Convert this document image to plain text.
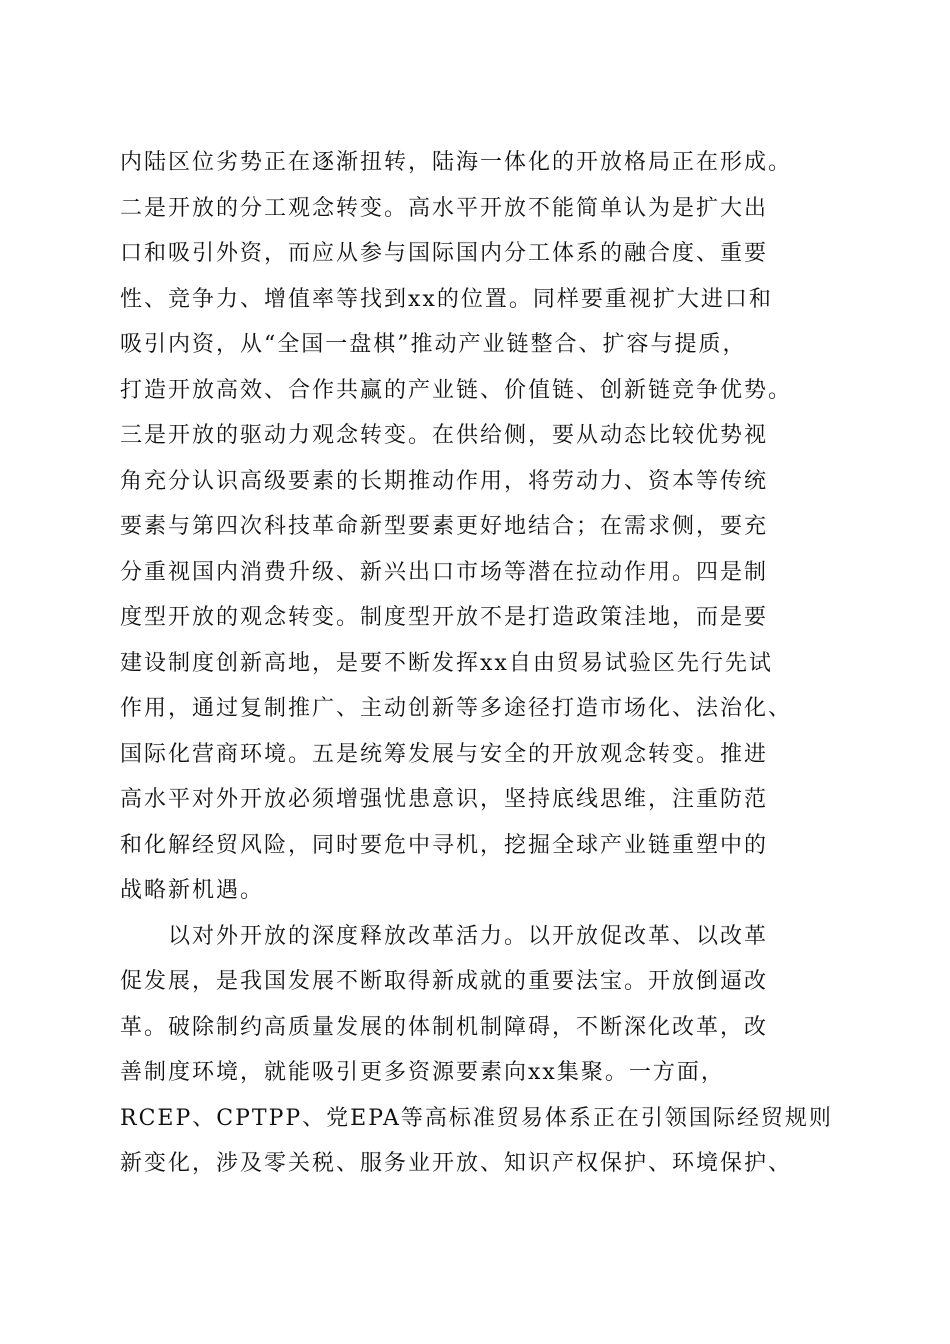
内陆区位劣势正在逐渐扭转，陆海一体化的开放格局正在形成。
二是开放的分工观念转变。高水平开放不能简单认为是扩大出
口和吸引外资，而应从参与国际国内分工体系的融合度、重要
性、竞争力、增值率等找到xx的位置。同样要重视扩大进口和
吸引内资，从“全国一盘棋”推动产业链整合、扩容与提质，
打造开放高效、合作共赢的产业链、价值链、创新链竞争优势。
三是开放的驱动力观念转变。在供给侧，要从动态比较优势视
角充分认识高级要素的长期推动作用，将劳动力、资本等传统
要素与第四次科技革命新型要素更好地结合；在需求侧，要充
分重视国内消费升级、新兴出口市场等潜在拉动作用。四是制
度型开放的观念转变。制度型开放不是打造政策洼地，而是要
建设制度创新高地，是要不断发挥xx自由贸易试验区先行先试
作用，通过复制推广、主动创新等多途径打造市场化、法治化、
国际化营商环境。五是统筹发展与安全的开放观念转变。推进
高水平对外开放必须增强忧患意识，坚持底线思维，注重防范
和化解经贸风险，同时要危中寻机，挖掘全球产业链重塑中的
战略新机遇。
以对外开放的深度释放改革活力。以开放促改革、以改革
促发展，是我国发展不断取得新成就的重要法宝。开放倒逼改
革。破除制约高质量发展的体制机制障碍，不断深化改革，改
善制度环境，就能吸引更多资源要素向xx集聚。一方面，
RCEP、CPTPP、党EPA等高标准贸易体系正在引领国际经贸规则
新变化，涉及零关税、服务业开放、知识产权保护、环境保护、
